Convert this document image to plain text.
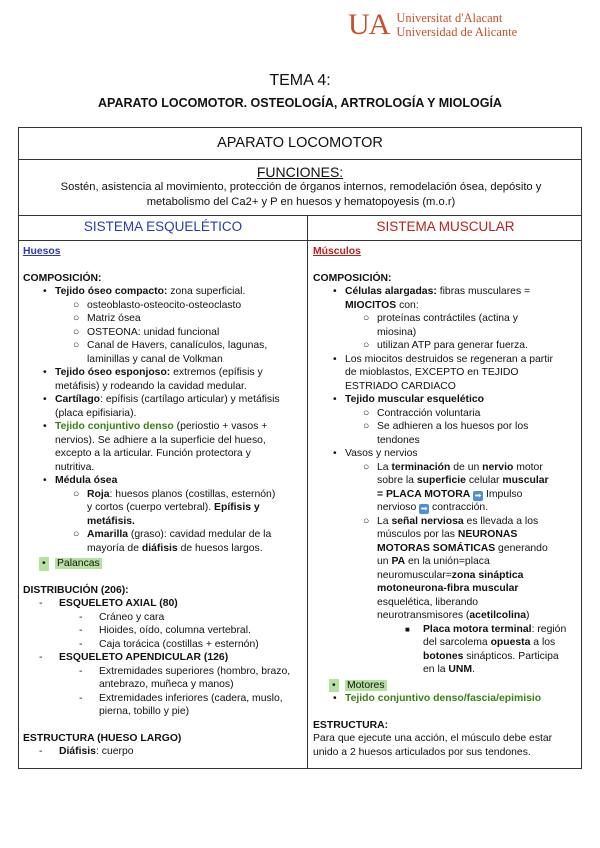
UA Universitat d'Alacant
Universidad de Alicante
TEMA 4:
APARATO LOCOMOTOR. OSTEOLOGÍA, ARTROLOGÍA Y MIOLOGÍA
APARATO LOCOMOTOR
FUNCIONES:
Sostén, asistencia al movimiento, protección de órganos internos, remodelación ósea, depósito y metabolismo del Ca2+ y P en huesos y hematopoyesis (m.o.r)
SISTEMA ESQUELÉTICO	SISTEMA MUSCULAR
Huesos
COMPOSICIÓN:
• Tejido óseo compacto: zona superficial.
○ osteoblasto-osteocito-osteoclasto
○ Matriz ósea
○ OSTEONA: unidad funcional
○ Canal de Havers, canalículos, lagunas,
laminillas y canal de Volkman
• Tejido óseo esponjoso: extremos (epífisis y
metáfisis) y rodeando la cavidad medular.
• Cartílago: epífisis (cartílago articular) y metáfisis
(placa epifisiaria).
• Tejido conjuntivo denso (periostio + vasos +
nervios). Se adhiere a la superficie del hueso,
excepto a la articular. Función protectora y
nutritiva.
• Médula ósea
○ Roja: huesos planos (costillas, esternón)
y cortos (cuerpo vertebral). Epífisis y
metáfisis.
○ Amarilla (graso): cavidad medular de la
mayoría de diáfisis de huesos largos.
• Palancas
DISTRIBUCIÓN (206):
- ESQUELETO AXIAL (80)
- Cráneo y cara
- Hioides, oído, columna vertebral.
- Caja torácica (costillas + esternón)
- ESQUELETO APENDICULAR (126)
- Extremidades superiores (hombro, brazo,
antebrazo, muñeca y manos)
- Extremidades inferiores (cadera, muslo,
pierna, tobillo y pie)
ESTRUCTURA (HUESO LARGO)
- Diáfisis: cuerpo
Músculos
COMPOSICIÓN:
• Células alargadas: fibras musculares =
MIOCITOS con:
○ proteínas contráctiles (actina y
miosina)
○ utilizan ATP para generar fuerza.
• Los miocitos destruidos se regeneran a partir
de mioblastos, EXCEPTO en TEJIDO
ESTRIADO CARDIACO
• Tejido muscular esquelético
○ Contracción voluntaria
○ Se adhieren a los huesos por los
tendones
• Vasos y nervios
○ La terminación de un nervio motor
sobre la superficie celular muscular
= PLACA MOTORA ➡ Impulso
nervioso ➡ contracción.
○ La señal nerviosa es llevada a los
músculos por las NEURONAS
MOTORAS SOMÁTICAS generando
un PA en la unión=placa
neuromuscular=zona sináptica
motoneurona-fibra muscular
esquelética, liberando
neurotransmisores (acetilcolina)
■ Placa motora terminal: región
del sarcolema opuesta a los
botones sinápticos. Participa
en la UNM.
• Motores
• Tejido conjuntivo denso/fascia/epimisio
ESTRUCTURA:
Para que ejecute una acción, el músculo debe estar
unido a 2 huesos articulados por sus tendones.
